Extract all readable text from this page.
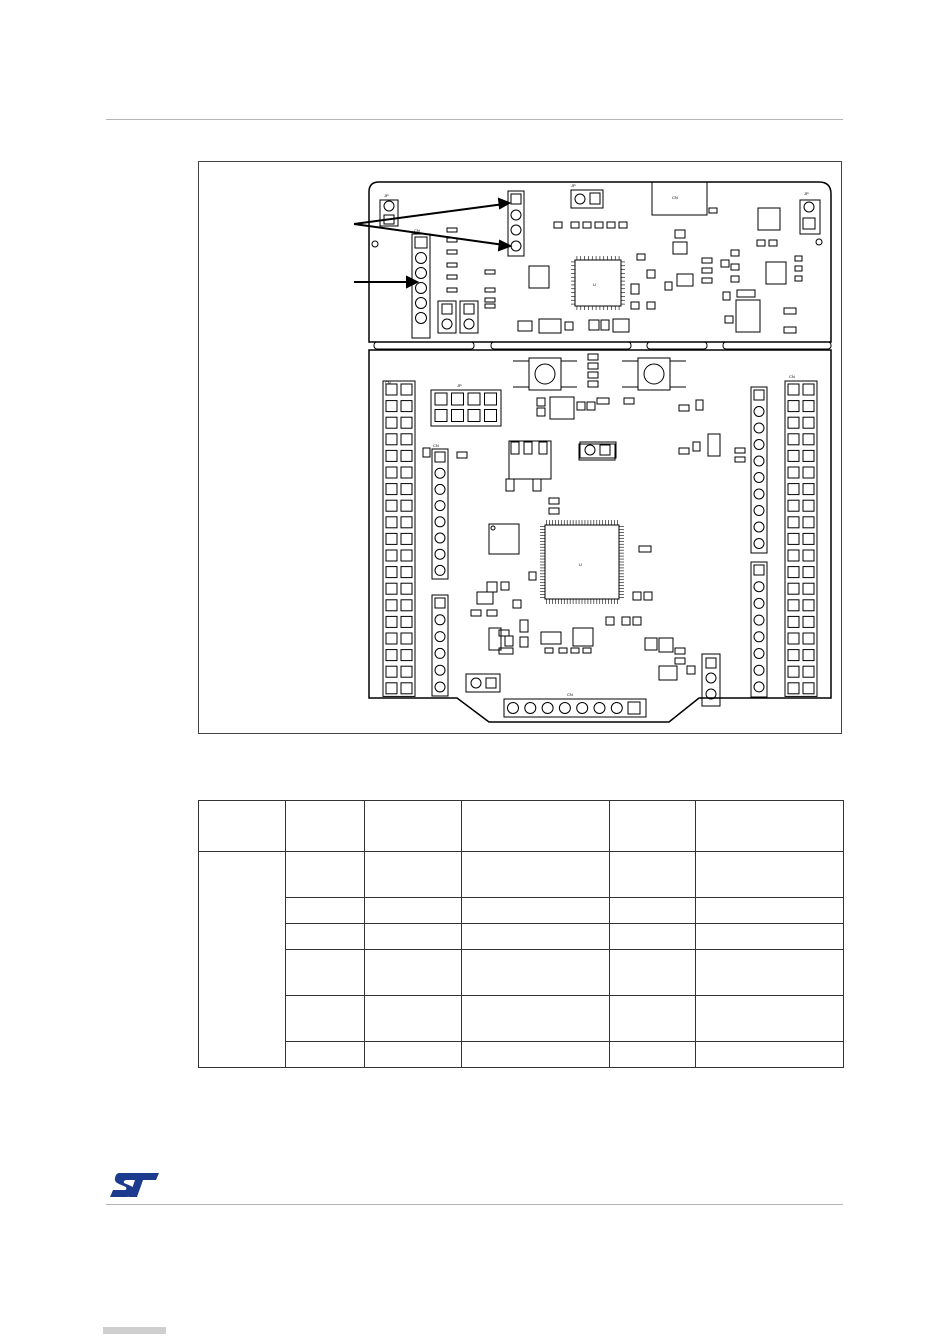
JP
CN
JP
CN
U
JP
CN
CN
JP
CN
U
CN
